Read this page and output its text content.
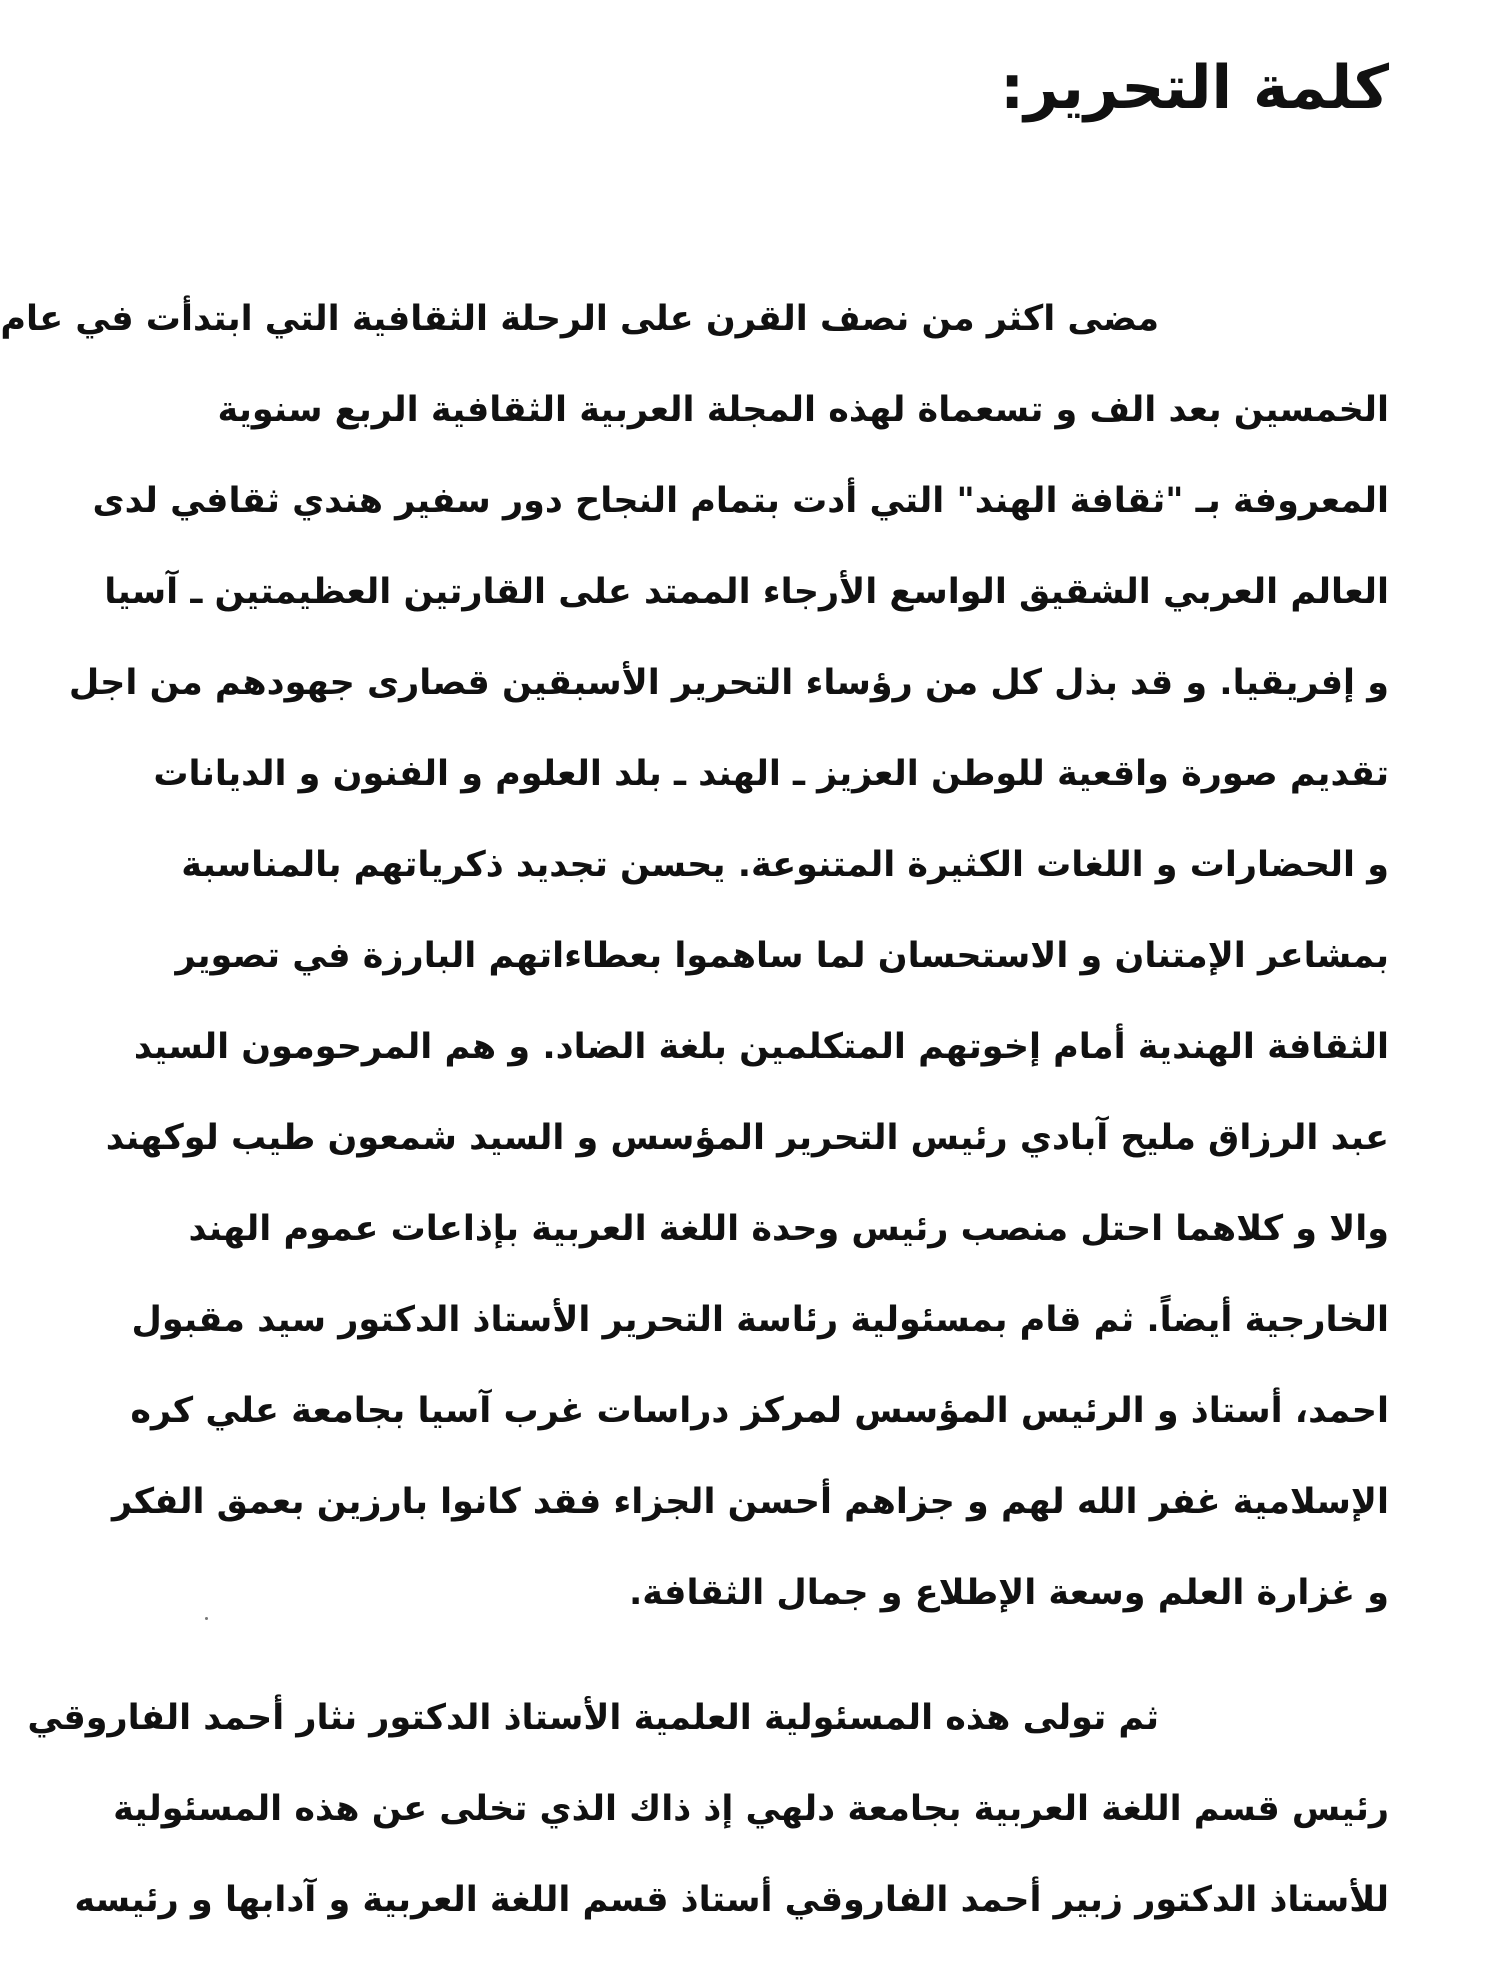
كلمة التحرير:
مضى اكثر من نصف القرن على الرحلة الثقافية التي ابتدأت في عام
الخمسين بعد الف و تسعماة لهذه المجلة العربية الثقافية الربع سنوية
المعروفة بـ "ثقافة الهند" التي أدت بتمام النجاح دور سفير هندي ثقافي لدى
العالم العربي الشقيق الواسع الأرجاء الممتد على القارتين العظيمتين ـ آسيا
و إفريقيا. و قد بذل كل من رؤساء التحرير الأسبقين قصارى جهودهم من اجل
تقديم صورة واقعية للوطن العزيز ـ الهند ـ بلد العلوم و الفنون و الديانات
و الحضارات و اللغات الكثيرة المتنوعة. يحسن تجديد ذكرياتهم بالمناسبة
بمشاعر الإمتنان و الاستحسان لما ساهموا بعطاءاتهم البارزة في تصوير
الثقافة الهندية أمام إخوتهم المتكلمين بلغة الضاد. و هم المرحومون السيد
عبد الرزاق مليح آبادي رئيس التحرير المؤسس و السيد شمعون طيب لوكهند
والا و كلاهما احتل منصب رئيس وحدة اللغة العربية بإذاعات عموم الهند
الخارجية أيضاً. ثم قام بمسئولية رئاسة التحرير الأستاذ الدكتور سيد مقبول
احمد، أستاذ و الرئيس المؤسس لمركز دراسات غرب آسيا بجامعة علي كره
الإسلامية غفر الله لهم و جزاهم أحسن الجزاء فقد كانوا بارزين بعمق الفكر
و غزارة العلم وسعة الإطلاع و جمال الثقافة.
ثم تولى هذه المسئولية العلمية الأستاذ الدكتور نثار أحمد الفاروقي
رئيس قسم اللغة العربية بجامعة دلهي إذ ذاك الذي تخلى عن هذه المسئولية
للأستاذ الدكتور زبير أحمد الفاروقي أستاذ قسم اللغة العربية و آدابها و رئيسه
